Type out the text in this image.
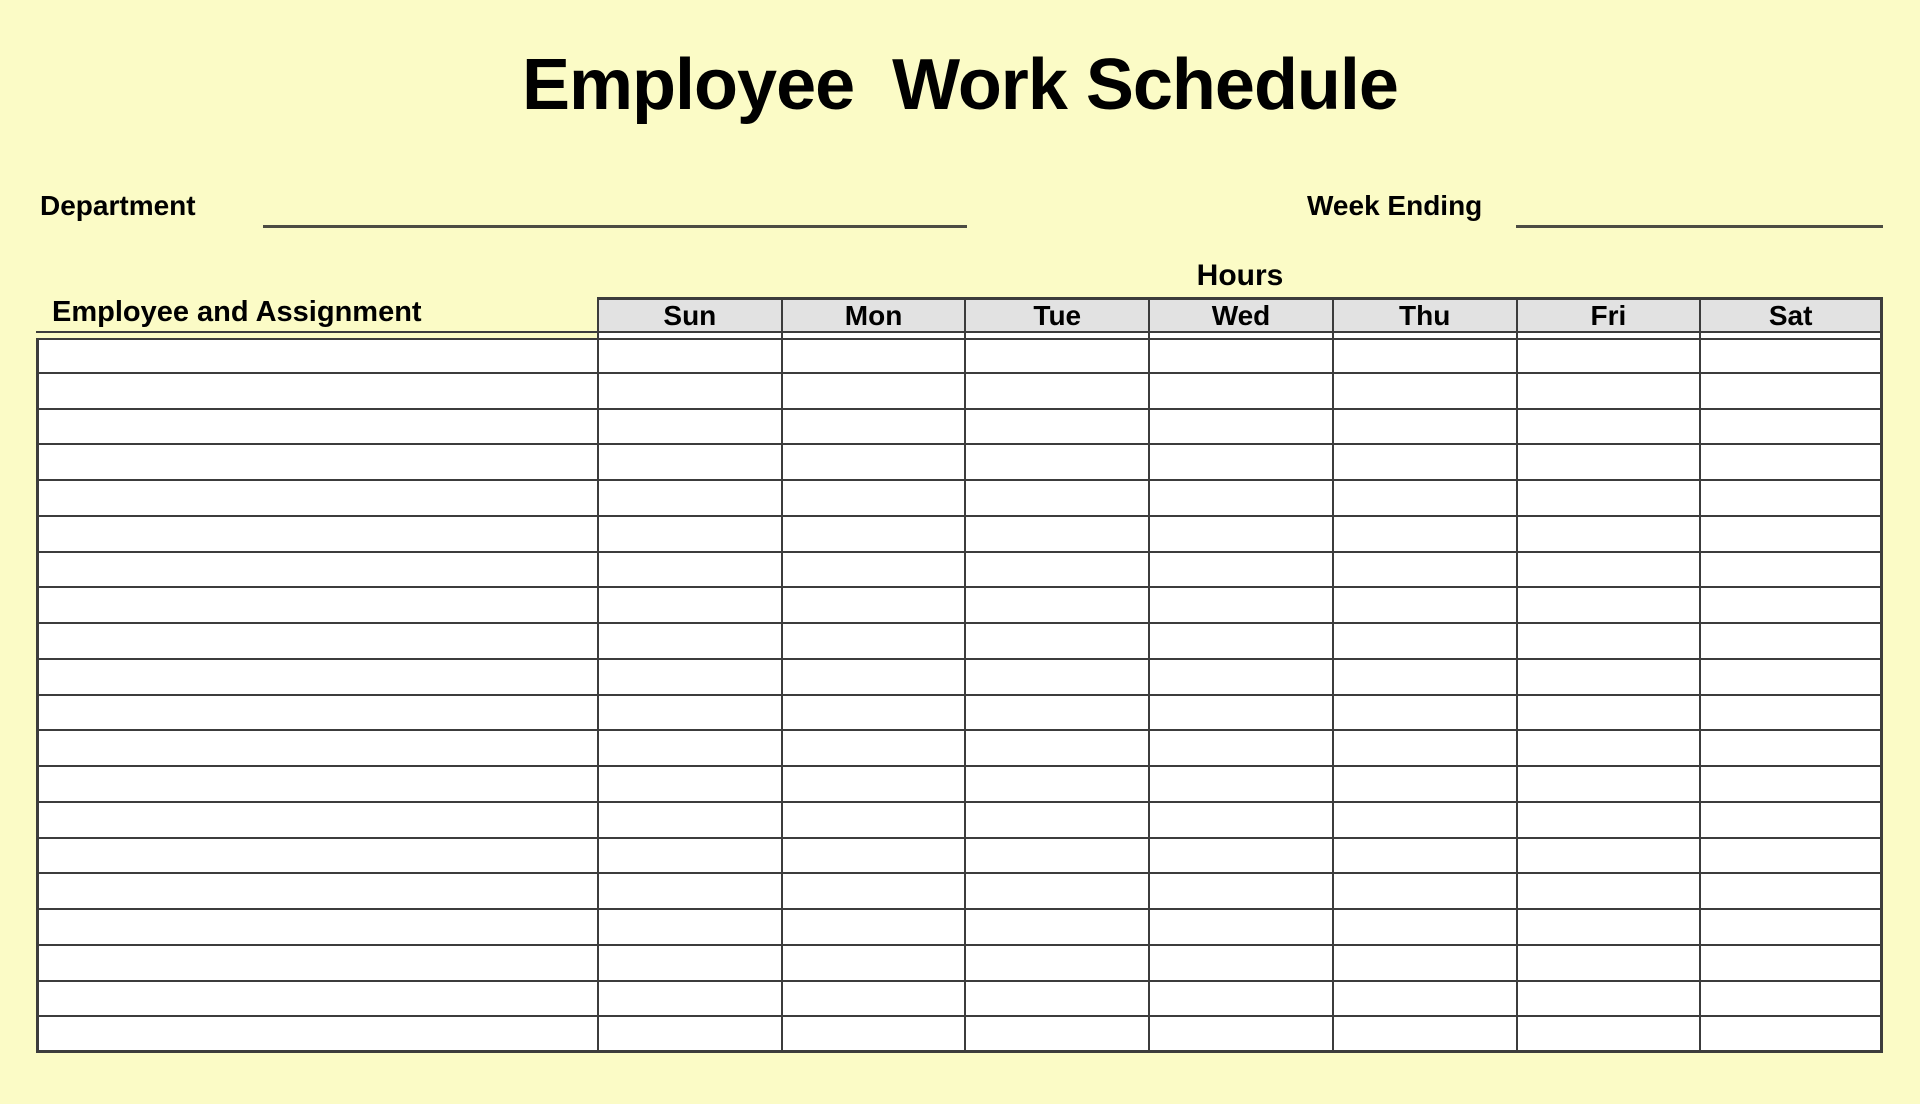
Employee  Work Schedule
Department	Week Ending
Hours
Employee and Assignment	Sun	Mon	Tue	Wed	Thu	Fri	Sat
